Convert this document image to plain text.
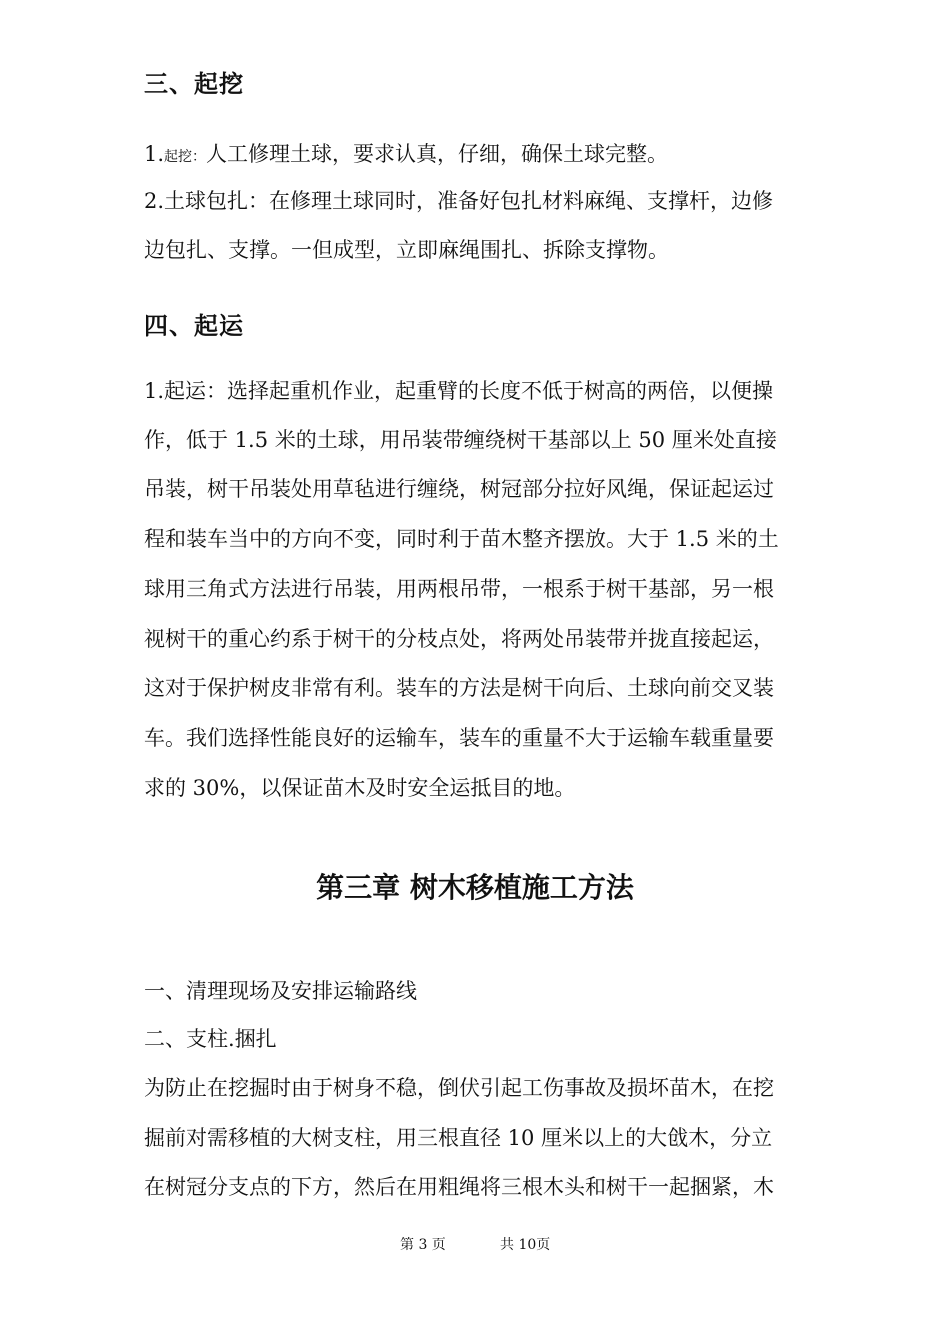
三、起挖

1.起挖：人工修理土球，要求认真，仔细，确保土球完整。

2.土球包扎：在修理土球同时，准备好包扎材料麻绳、支撑杆，边修

边包扎、支撑。一但成型，立即麻绳围扎、拆除支撑物。

四、起运

1.起运：选择起重机作业，起重臂的长度不低于树高的两倍，以便操

作，低于 1.5 米的土球，用吊装带缠绕树干基部以上 50 厘米处直接

吊装，树干吊装处用草毡进行缠绕，树冠部分拉好风绳，保证起运过

程和装车当中的方向不变，同时利于苗木整齐摆放。大于 1.5 米的土

球用三角式方法进行吊装，用两根吊带，一根系于树干基部，另一根

视树干的重心约系于树干的分枝点处，将两处吊装带并拢直接起运，

这对于保护树皮非常有利。装车的方法是树干向后、土球向前交叉装

车。我们选择性能良好的运输车，装车的重量不大于运输车载重量要

求的 30%，以保证苗木及时安全运抵目的地。

第三章 树木移植施工方法

一、清理现场及安排运输路线

二、支柱.捆扎

为防止在挖掘时由于树身不稳，倒伏引起工伤事故及损坏苗木，在挖

掘前对需移植的大树支柱，用三根直径 10 厘米以上的大戗木，分立

在树冠分支点的下方，然后在用粗绳将三根木头和树干一起捆紧，木

第 3 页	共 10页
